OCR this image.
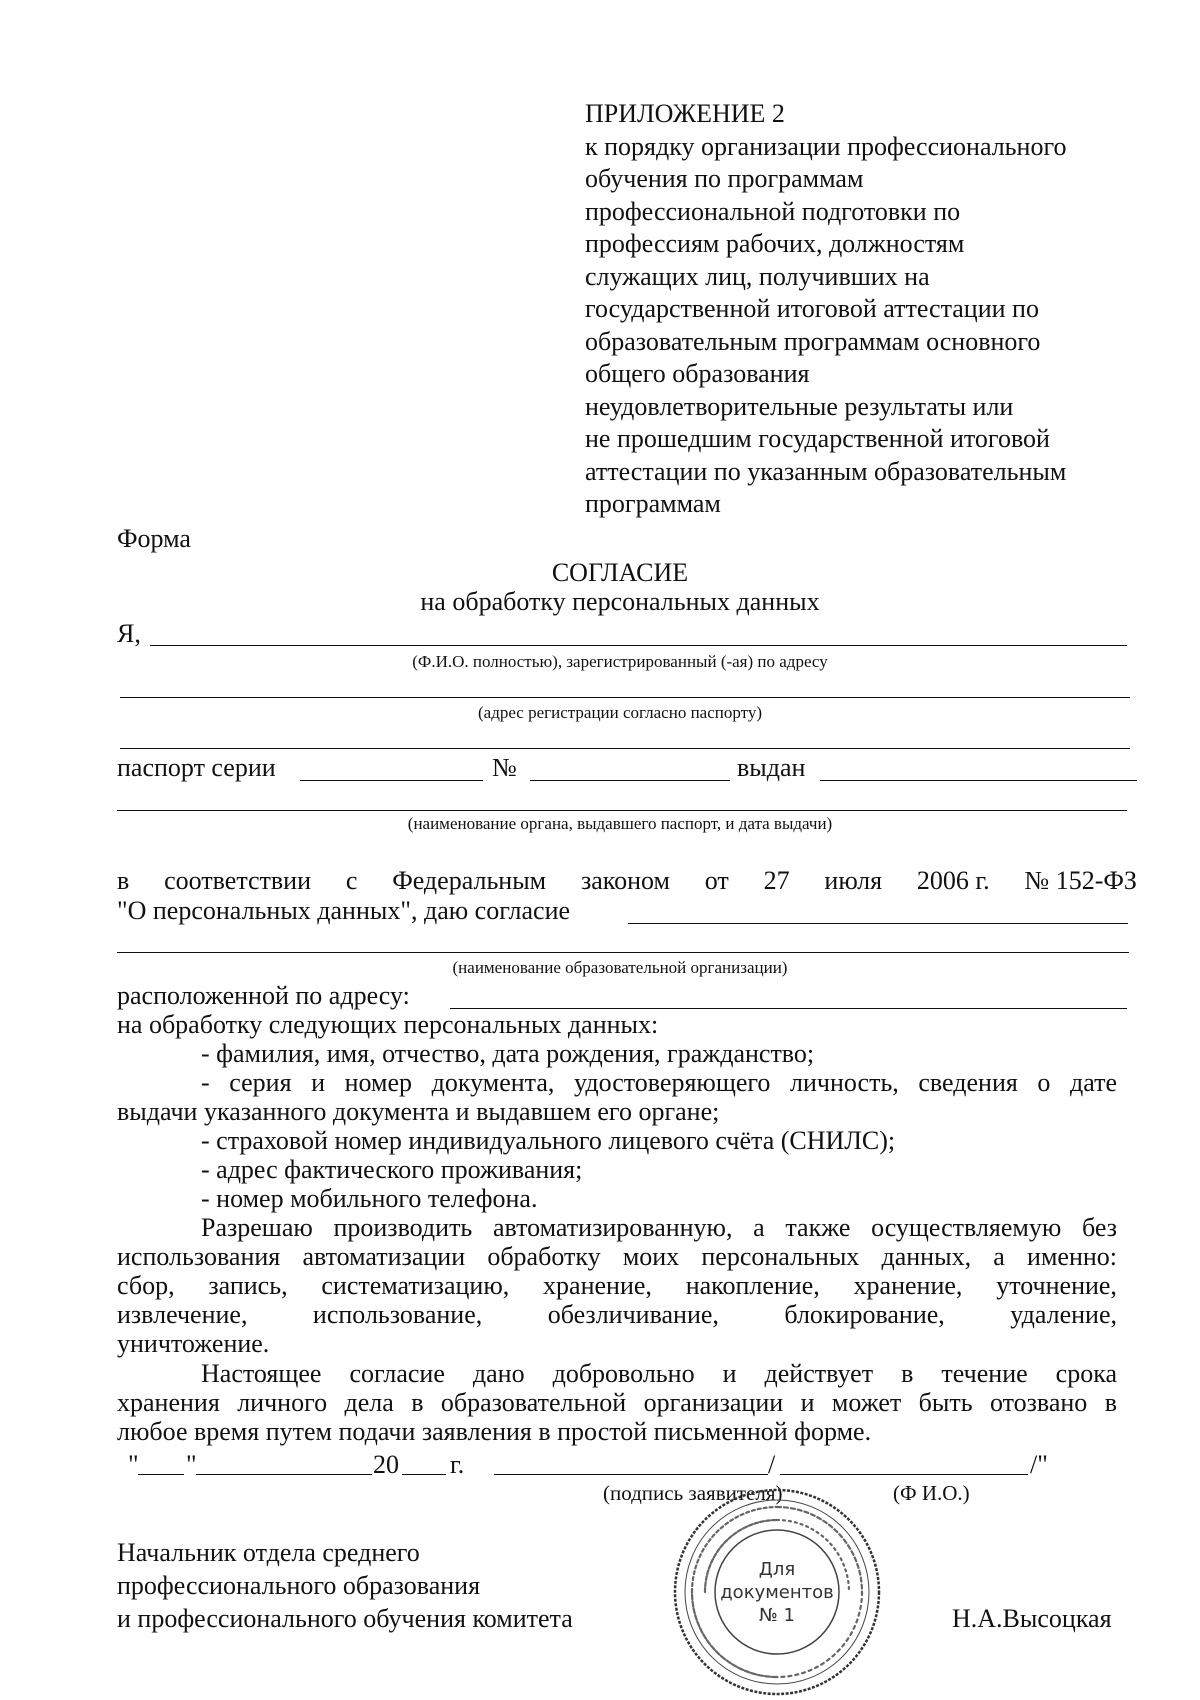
ПРИЛОЖЕНИЕ 2
к порядку организации профессионального
обучения по программам
профессиональной подготовки по
профессиям рабочих, должностям
служащих лиц, получивших на
государственной итоговой аттестации по
образовательным программам основного
общего образования
неудовлетворительные результаты или
не прошедшим государственной итоговой
аттестации по указанным образовательным
программам
Форма
СОГЛАСИЕ
на обработку персональных данных
Я,
(Ф.И.О. полностью), зарегистрированный (-ая) по адресу
(адрес регистрации согласно паспорту)
паспорт серии	№	выдан
(наименование органа, выдавшего паспорт, и дата выдачи)
в соответствии с Федеральным законом от 27 июля 2006 г. № 152-ФЗ
"О персональных данных", даю согласие
(наименование образовательной организации)
расположенной по адресу:
на обработку следующих персональных данных:
- фамилия, имя, отчество, дата рождения, гражданство;
- серия и номер документа, удостоверяющего личность, сведения о дате
выдачи указанного документа и выдавшем его органе;
- страховой номер индивидуального лицевого счёта (СНИЛС);
- адрес фактического проживания;
- номер мобильного телефона.
Разрешаю производить автоматизированную, а также осуществляемую без
использования автоматизации обработку моих персональных данных, а именно:
сбор, запись, систематизацию, хранение, накопление, хранение, уточнение,
извлечение,	использование,	обезличивание,	блокирование,	удаление,
уничтожение.
Настоящее согласие дано добровольно и действует в течение срока
хранения личного дела в образовательной организации и может быть отозвано в
любое время путем подачи заявления в простой письменной форме.
" "	20 г.	/	/"
(подпись заявителя)	(Ф И.О.)
Начальник отдела среднего
профессионального образования
и профессионального обучения комитета	Н.А.Высоцкая
Для
документов
№ 1
